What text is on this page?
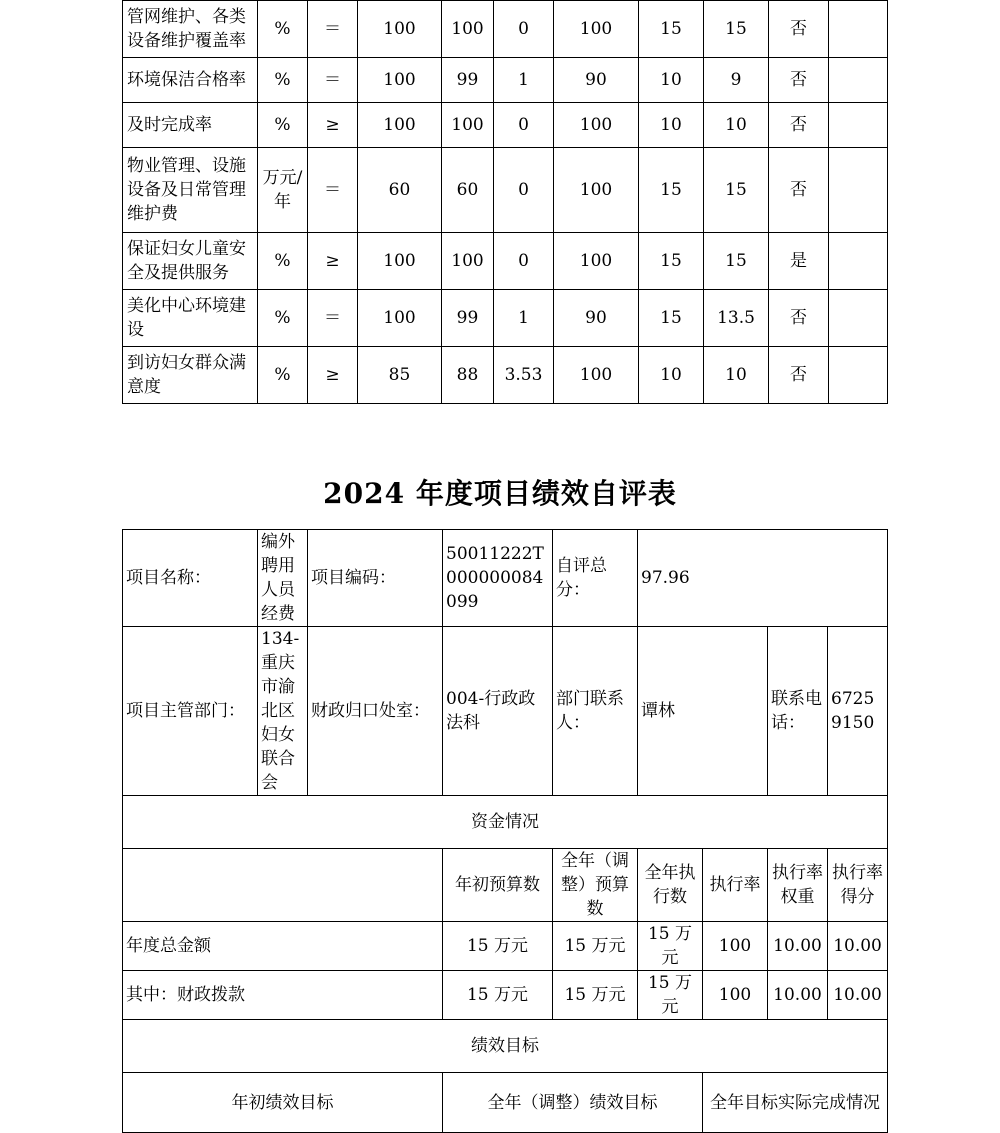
管网维护、各类设备维护覆盖率	%	＝	100	100	0	100	15	15	否	
环境保洁合格率	%	＝	100	99	1	90	10	9	否	
及时完成率	%	≥	100	100	0	100	10	10	否	
物业管理、设施设备及日常管理维护费	万元/年	＝	60	60	0	100	15	15	否	
保证妇女儿童安全及提供服务	%	≥	100	100	0	100	15	15	是	
美化中心环境建设	%	＝	100	99	1	90	15	13.5	否	
到访妇女群众满意度	%	≥	85	88	3.53	100	10	10	否	
2024 年度项目绩效自评表
项目名称：	编外聘用人员经费	项目编码：	50011222T000000084099	自评总分：	97.96			
项目主管部门：	134-重庆市渝北区妇女联合会	财政归口处室：	004-行政政法科	部门联系人：	谭林		联系电话：	67259150
资金情况								
			年初预算数	全年（调整）预算数	全年执行数	执行率	执行率权重	执行率得分
年度总金额			15 万元	15 万元	15 万元	100	10.00	10.00
其中：财政拨款			15 万元	15 万元	15 万元	100	10.00	10.00
绩效目标								
年初绩效目标			全年（调整）绩效目标			全年目标实际完成情况		
